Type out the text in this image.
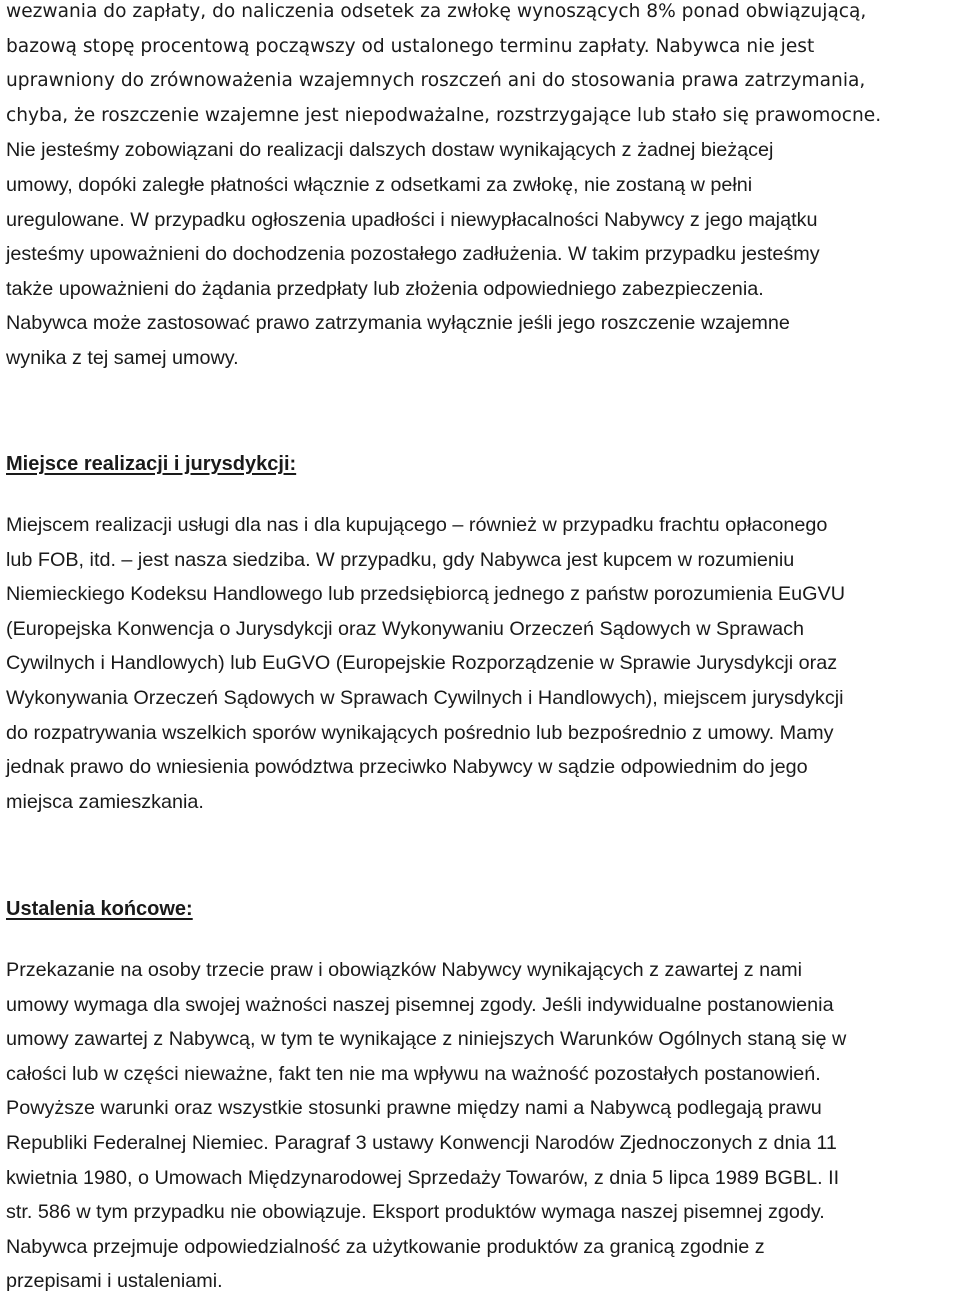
wezwania do zapłaty, do naliczenia odsetek za zwłokę wynoszących 8% ponad obwiązującą,
bazową stopę procentową począwszy od ustalonego terminu zapłaty. Nabywca nie jest
uprawniony do zrównoważenia wzajemnych roszczeń ani do stosowania prawa zatrzymania,
chyba, że roszczenie wzajemne jest niepodważalne, rozstrzygające lub stało się prawomocne.
Nie jesteśmy zobowiązani do realizacji dalszych dostaw wynikających z żadnej bieżącej
umowy, dopóki zaległe płatności włącznie z odsetkami za zwłokę, nie zostaną w pełni
uregulowane. W przypadku ogłoszenia upadłości i niewypłacalności Nabywcy z jego majątku
jesteśmy upoważnieni do dochodzenia pozostałego zadłużenia. W takim przypadku jesteśmy
także upoważnieni do żądania przedpłaty lub złożenia odpowiedniego zabezpieczenia.
Nabywca może zastosować prawo zatrzymania wyłącznie jeśli jego roszczenie wzajemne
wynika z tej samej umowy.
Miejsce realizacji i jurysdykcji:
Miejscem realizacji usługi dla nas i dla kupującego – również w przypadku frachtu opłaconego
lub FOB, itd. – jest nasza siedziba. W przypadku, gdy Nabywca jest kupcem w rozumieniu
Niemieckiego Kodeksu Handlowego lub przedsiębiorcą jednego z państw porozumienia EuGVU
(Europejska Konwencja o Jurysdykcji oraz Wykonywaniu Orzeczeń Sądowych w Sprawach
Cywilnych i Handlowych) lub EuGVO (Europejskie Rozporządzenie w Sprawie Jurysdykcji oraz
Wykonywania Orzeczeń Sądowych w Sprawach Cywilnych i Handlowych), miejscem jurysdykcji
do rozpatrywania wszelkich sporów wynikających pośrednio lub bezpośrednio z umowy. Mamy
jednak prawo do wniesienia powództwa przeciwko Nabywcy w sądzie odpowiednim do jego
miejsca zamieszkania.
Ustalenia końcowe:
Przekazanie na osoby trzecie praw i obowiązków Nabywcy wynikających z zawartej z nami
umowy wymaga dla swojej ważności naszej pisemnej zgody. Jeśli indywidualne postanowienia
umowy zawartej z Nabywcą, w tym te wynikające z niniejszych Warunków Ogólnych staną się w
całości lub w części nieważne, fakt ten nie ma wpływu na ważność pozostałych postanowień.
Powyższe warunki oraz wszystkie stosunki prawne między nami a Nabywcą podlegają prawu
Republiki Federalnej Niemiec. Paragraf 3 ustawy Konwencji Narodów Zjednoczonych z dnia 11
kwietnia 1980, o Umowach Międzynarodowej Sprzedaży Towarów, z dnia 5 lipca 1989 BGBL. II
str. 586 w tym przypadku nie obowiązuje. Eksport produktów wymaga naszej pisemnej zgody.
Nabywca przejmuje odpowiedzialność za użytkowanie produktów za granicą zgodnie z
przepisami i ustaleniami.
